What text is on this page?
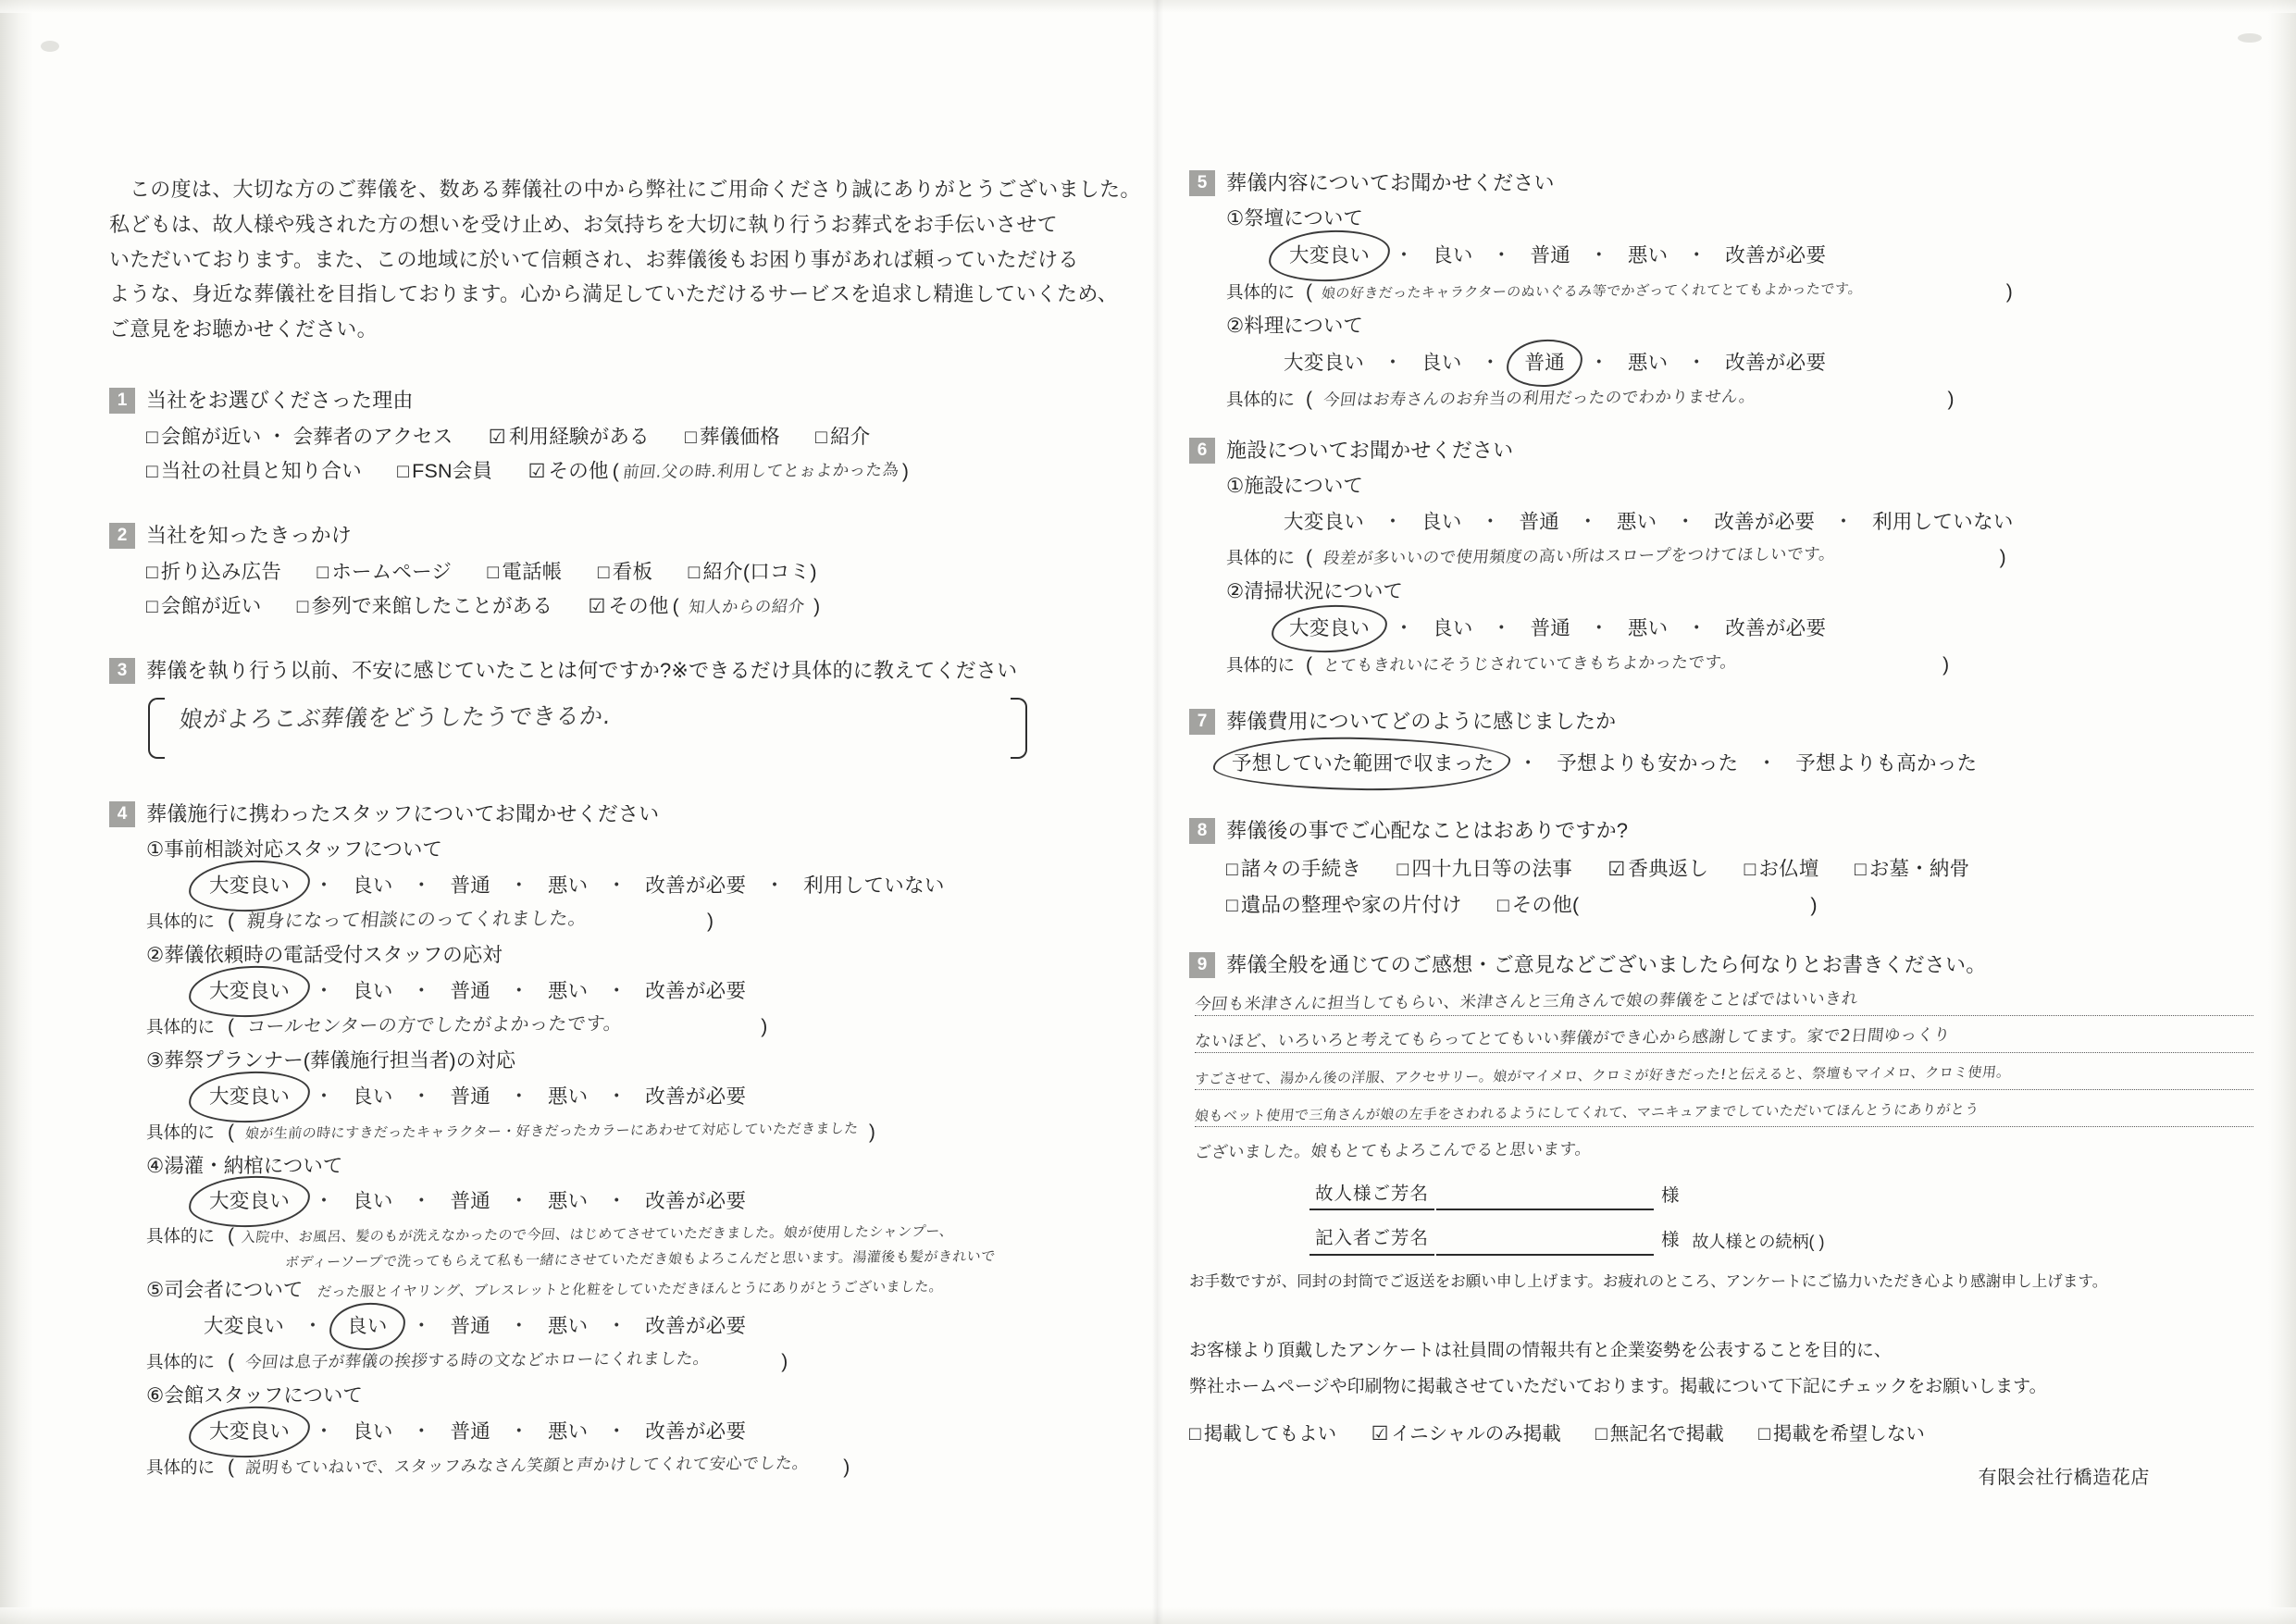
この度は、大切な方のご葬儀を、数ある葬儀社の中から弊社にご用命くださり誠にありがとうございました。
私どもは、故人様や残された方の想いを受け止め、お気持ちを大切に執り行うお葬式をお手伝いさせて
いただいております。また、この地域に於いて信頼され、お葬儀後もお困り事があれば頼っていただける
ような、身近な葬儀社を目指しております。心から満足していただけるサービスを追求し精進していくため、
ご意見をお聴かせください。
1 当社をお選びくださった理由
□ 会館が近い ・ 会葬者のアクセス ☑ 利用経験がある □ 葬儀価格 □ 紹介
□ 当社の社員と知り合い □ FSN会員 ☑ その他 ( 前回.父の時.利用してとぉよかった為 )
2 当社を知ったきっかけ
□ 折り込み広告 □ ホームページ □ 電話帳 □ 看板 □ 紹介(口コミ)
□ 会館が近い □ 参列で来館したことがある ☑ その他 ( 知人からの紹介 )
3 葬儀を執り行う以前、不安に感じていたことは何ですか?※できるだけ具体的に教えてください
娘がよろこぶ葬儀をどうしたうできるか.
4 葬儀施行に携わったスタッフについてお聞かせください
①事前相談対応スタッフについて
大変良い ・ 良い ・ 普通 ・ 悪い ・ 改善が必要 ・ 利用していない
具体的に ( 親身になって相談にのってくれました。	)
②葬儀依頼時の電話受付スタッフの応対
大変良い ・ 良い ・ 普通 ・ 悪い ・ 改善が必要
具体的に ( コールセンターの方でしたがよかったです。	)
③葬祭プランナー(葬儀施行担当者)の対応
大変良い ・ 良い ・ 普通 ・ 悪い ・ 改善が必要
具体的に ( 娘が生前の時にすきだったキャラクター・好きだったカラーにあわせて対応していただきました )
④湯灌・納棺について
大変良い ・ 良い ・ 普通 ・ 悪い ・ 改善が必要
具体的に ( 入院中、お風呂、髪のもが洗えなかったので今回、はじめてさせていただきました。娘が使用したシャンプー、
ボディーソープで洗ってもらえて私も一緒にさせていただき娘もよろこんだと思います。湯灌後も髪がきれいで
⑤司会者について だった服とイヤリング、ブレスレットと化粧をしていただきほんとうにありがとうございました。
大変良い ・ 良い ・ 普通 ・ 悪い ・ 改善が必要
具体的に ( 今回は息子が葬儀の挨拶する時の文などホローにくれました。	)
⑥会館スタッフについて
大変良い ・ 良い ・ 普通 ・ 悪い ・ 改善が必要
具体的に ( 説明もていねいで、スタッフみなさん笑顔と声かけしてくれて安心でした。 )
5 葬儀内容についてお聞かせください
①祭壇について
大変良い ・ 良い ・ 普通 ・ 悪い ・ 改善が必要
具体的に ( 娘の好きだったキャラクターのぬいぐるみ等でかざってくれてとてもよかったです。	)
②料理について
大変良い ・ 良い ・ 普通 ・ 悪い ・ 改善が必要
具体的に ( 今回はお寿さんのお弁当の利用だったのでわかりません。	)
6 施設についてお聞かせください
①施設について
大変良い ・ 良い ・ 普通 ・ 悪い ・ 改善が必要 ・ 利用していない
具体的に ( 段差が多いいので使用頻度の高い所はスロープをつけてほしいです。	)
②清掃状況について
大変良い ・ 良い ・ 普通 ・ 悪い ・ 改善が必要
具体的に ( とてもきれいにそうじされていてきもちよかったです。	)
7 葬儀費用についてどのように感じましたか
予想していた範囲で収まった ・ 予想よりも安かった ・ 予想よりも高かった
8 葬儀後の事でご心配なことはおありですか?
□ 諸々の手続き □ 四十九日等の法事 ☑ 香典返し □ お仏壇 □ お墓・納骨
□ 遺品の整理や家の片付け □ その他(	)
9 葬儀全般を通じてのご感想・ご意見などございましたら何なりとお書きください。
今回も米津さんに担当してもらい、米津さんと三角さんで娘の葬儀をことばではいいきれ
ないほど、いろいろと考えてもらってとてもいい葬儀ができ心から感謝してます。家で2日間ゆっくり
すごさせて、湯かん後の洋服、アクセサリー。娘がマイメロ、クロミが好きだった!と伝えると、祭壇もマイメロ、クロミ使用。
娘もベット使用で三角さんが娘の左手をさわれるようにしてくれて、マニキュアまでしていただいてほんとうにありがとう
ございました。娘もとてもよろこんでると思います。
故人様ご芳名	様
記入者ご芳名	様 故人様との続柄( )
お手数ですが、同封の封筒でご返送をお願い申し上げます。お疲れのところ、アンケートにご協力いただき心より感謝申し上げます。
お客様より頂戴したアンケートは社員間の情報共有と企業姿勢を公表することを目的に、
弊社ホームページや印刷物に掲載させていただいております。掲載について下記にチェックをお願いします。
□ 掲載してもよい ☑ イニシャルのみ掲載 □ 無記名で掲載 □ 掲載を希望しない
有限会社行橋造花店
